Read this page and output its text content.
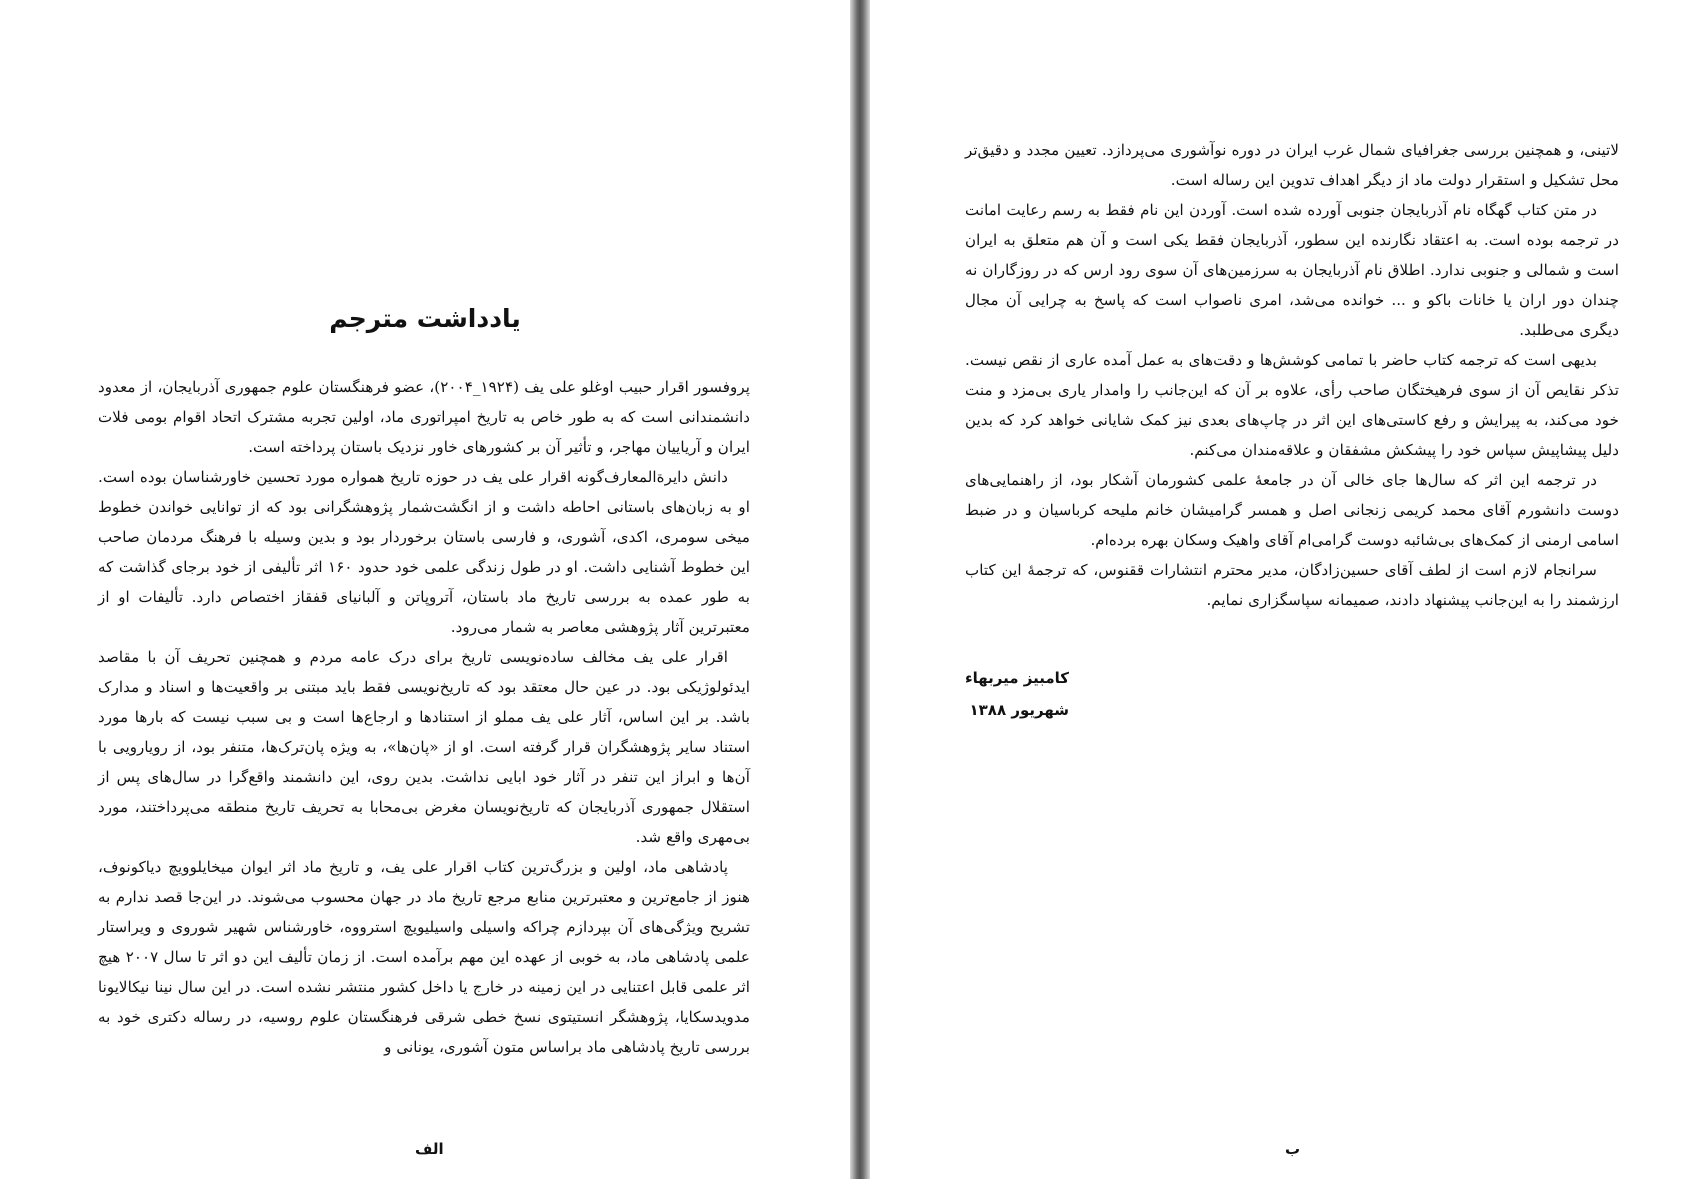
یادداشت مترجم

پروفسور اقرار حبیب اوغلو علی یف (۱۹۲۴_۲۰۰۴)، عضو فرهنگستان علوم جمهوری آذربایجان، از معدود دانشمندانی است که به طور خاص به تاریخ امپراتوری ماد، اولین تجربه مشترک اتحاد اقوام بومی فلات ایران و آریاییان مهاجر، و تأثیر آن بر کشورهای خاور نزدیک باستان پرداخته است.

دانش دایرةالمعارف‌گونه اقرار علی یف در حوزه تاریخ همواره مورد تحسین خاورشناسان بوده است. او به زبان‌های باستانی احاطه داشت و از انگشت‌شمار پژوهشگرانی بود که از توانایی خواندن خطوط میخی سومری، اکدی، آشوری، و فارسی باستان برخوردار بود و بدین وسیله با فرهنگ مردمان صاحب این خطوط آشنایی داشت. او در طول زندگی علمی خود حدود ۱۶۰ اثر تألیفی از خود برجای گذاشت که به طور عمده به بررسی تاریخ ماد باستان، آتروپاتن و آلبانیای قفقاز اختصاص دارد. تألیفات او از معتبرترین آثار پژوهشی معاصر به شمار می‌رود.

اقرار علی یف مخالف ساده‌نویسی تاریخ برای درک عامه مردم و همچنین تحریف آن با مقاصد ایدئولوژیکی بود. در عین حال معتقد بود که تاریخ‌نویسی فقط باید مبتنی بر واقعیت‌ها و اسناد و مدارک باشد. بر این اساس، آثار علی یف مملو از استنادها و ارجاع‌ها است و بی سبب نیست که بارها مورد استناد سایر پژوهشگران قرار گرفته است. او از «پان‌ها»، به ویژه پان‌ترک‌ها، متنفر بود، از رویارویی با آن‌ها و ابراز این تنفر در آثار خود ابایی نداشت. بدین روی، این دانشمند واقع‌گرا در سال‌های پس از استقلال جمهوری آذربایجان که تاریخ‌نویسان مغرض بی‌محابا به تحریف تاریخ منطقه می‌پرداختند، مورد بی‌مهری واقع شد.

پادشاهی ماد، اولین و بزرگ‌ترین کتاب اقرار علی یف، و تاریخ ماد اثر ایوان میخایلوویچ دیاکونوف، هنوز از جامع‌ترین و معتبرترین منابع مرجع تاریخ ماد در جهان محسوب می‌شوند. در این‌جا قصد ندارم به تشریح ویژگی‌های آن بپردازم چراکه واسیلی واسیلیویچ استرووه، خاورشناس شهیر شوروی و ویراستار علمی پادشاهی ماد، به خوبی از عهده این مهم برآمده است. از زمان تألیف این دو اثر تا سال ۲۰۰۷ هیچ اثر علمی قابل اعتنایی در این زمینه در خارج یا داخل کشور منتشر نشده است. در این سال نینا نیکالایونا مدویدسکایا، پژوهشگر انستیتوی نسخ خطی شرقی فرهنگستان علوم روسیه، در رساله دکتری خود به بررسی تاریخ پادشاهی ماد براساس متون آشوری، یونانی و

الف

لاتینی، و همچنین بررسی جغرافیای شمال غرب ایران در دوره نوآشوری می‌پردازد. تعیین مجدد و دقیق‌تر محل تشکیل و استقرار دولت ماد از دیگر اهداف تدوین این رساله است.

در متن کتاب گهگاه نام آذربایجان جنوبی آورده شده است. آوردن این نام فقط به رسم رعایت امانت در ترجمه بوده است. به اعتقاد نگارنده این سطور، آذربایجان فقط یکی است و آن هم متعلق به ایران است و شمالی و جنوبی ندارد. اطلاق نام آذربایجان به سرزمین‌های آن سوی رود ارس که در روزگاران نه چندان دور اران یا خانات باکو و ... خوانده می‌شد، امری ناصواب است که پاسخ به چرایی آن مجال دیگری می‌طلبد.

بدیهی است که ترجمه کتاب حاضر با تمامی کوشش‌ها و دقت‌های به عمل آمده عاری از نقص نیست. تذکر نقایص آن از سوی فرهیختگان صاحب رأی، علاوه بر آن که این‌جانب را وامدار یاری بی‌مزد و منت خود می‌کند، به پیرایش و رفع کاستی‌های این اثر در چاپ‌های بعدی نیز کمک شایانی خواهد کرد که بدین دلیل پیشاپیش سپاس خود را پیشکش مشفقان و علاقه‌مندان می‌کنم.

در ترجمه این اثر که سال‌ها جای خالی آن در جامعهٔ علمی کشورمان آشکار بود، از راهنمایی‌های دوست دانشورم آقای محمد کریمی زنجانی اصل و همسر گرامیشان خانم ملیحه کرباسیان و در ضبط اسامی ارمنی از کمک‌های بی‌شائبه دوست گرامی‌ام آقای واهیک وسکان بهره برده‌ام.

سرانجام لازم است از لطف آقای حسین‌زادگان، مدیر محترم انتشارات ققنوس، که ترجمهٔ این کتاب ارزشمند را به این‌جانب پیشنهاد دادند، صمیمانه سپاسگزاری نمایم.

کامبیز میربهاء
شهریور ۱۳۸۸
ب
